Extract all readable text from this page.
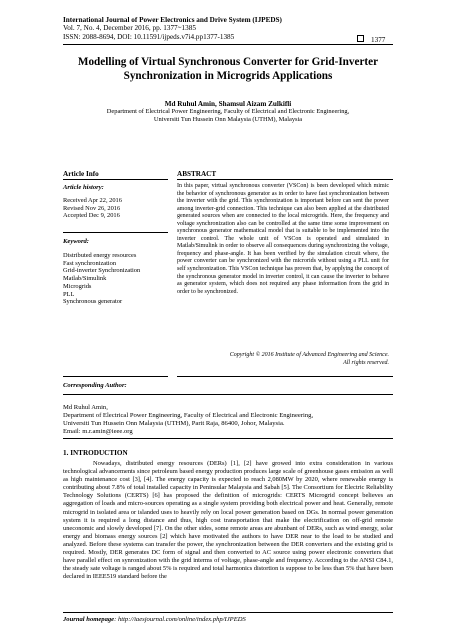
International Journal of Power Electronics and Drive System (IJPEDS)
Vol. 7, No. 4, December 2016, pp. 1377~1385
ISSN: 2088-8694, DOI: 10.11591/ijpeds.v7i4.pp1377-1385	1377
Modelling of Virtual Synchronous Converter for Grid-Inverter
Synchronization in Microgrids Applications
Md Ruhul Amin, Shamsul Aizam Zulkifli
Department of Electrical Power Engineering, Faculty of Electrical and Electronic Engineering,
Universiti Tun Hussein Onn Malaysia (UTHM), Malaysia
Article Info	ABSTRACT
Article history:
Received Apr 22, 2016
Revised Nov 26, 2016
Accepted Dec 9, 2016
Keyword:
Distributed energy resources
Fast synchronization
Grid-inverter Synchronization
Matlab/Simulink
Microgrids
PLL
Synchronous generator
In this paper, virtual synchronous converter (VSCon) is been developed which mimic the behavior of synchronous generator as in order to have fast synchronization between the inverter with the grid. This synchronization is important before can sent the power among inverter-grid connection. This technique can also been applied at the distributed generated sources when are connected to the local microgrids. Here, the frequency and voltage synchronization also can be controlled at the same time some improvement on synchronous generator mathematical model that is suitable to be implemented into the inverter control. The whole unit of VSCon is operated and simulated in Matlab/Simulink in order to observe all consequences during synchronizing the voltage, frequency and phase-angle. It has been verified by the simulation circuit where, the power converter can be synchronized with the microrids without using a PLL unit for self synchronization. This VSCon technique has proven that, by applying the concept of the synchronous generator model in inverter control, it can cause the inverter to behave as generator system, which does not required any phase information from the grid in order to be synchronized.
Copyright © 2016 Institute of Advanced Engineering and Science.
All rights reserved.
Corresponding Author:
Md Ruhul Amin,
Department of Electrical Power Engineering, Faculty of Electrical and Electronic Engineering,
Universiti Tun Hussein Onn Malaysia (UTHM), Parit Raja, 86400, Johor, Malaysia.
Email: m.r.amin@ieee.org
1. INTRODUCTION
Nowadays, distributed energy resources (DERs) [1], [2] have growed into extra consideration in various technological advancements since petroleum based energy production produces large scale of greenhouse gases emission as well as high maintenance cost [3], [4]. The energy capacity is expected to reach 2,080MW by 2020, where renewable energy is contributing about 7.8% of total installed capacity in Peninsular Malaysia and Sabah [5]. The Consortium for Electric Reliability Technology Solutions (CERTS) [6] has proposed the definition of microgrids: CERTS Microgrid concept believes an aggregation of loads and micro-sources operating as a single system providing both electrical power and heat. Generally, remote microgrid in isolated area or islanded uses to heavily rely on local power generation based on DGs. In normal power generation system it is required a long distance and thus, high cost transportation that make the electrification on off-grid remote uneconomic and slowly developed [7]. On the other sides, some remote areas are abunbant of DERs, such as wind energy, solar energy and biomass energy sources [2] which have motivated the authors to have DER near to the load to be studied and analyzed. Before these systems can transfer the power, the synchronization between the DER converters and the existing grid is required. Mostly, DER generates DC form of signal and then converted to AC source using power electronic converters that have parallel effect on synronization with the grid interms of voltage, phase-angle and frequency. According to the ANSI C84.1, the steady sate voltage is ranged about 5% is required and total harmonics distortion is suppose to be less than 5% that have been declared in IEEE519 standard before the
Journal homepage: http://iaesjournal.com/online/index.php/IJPEDS
